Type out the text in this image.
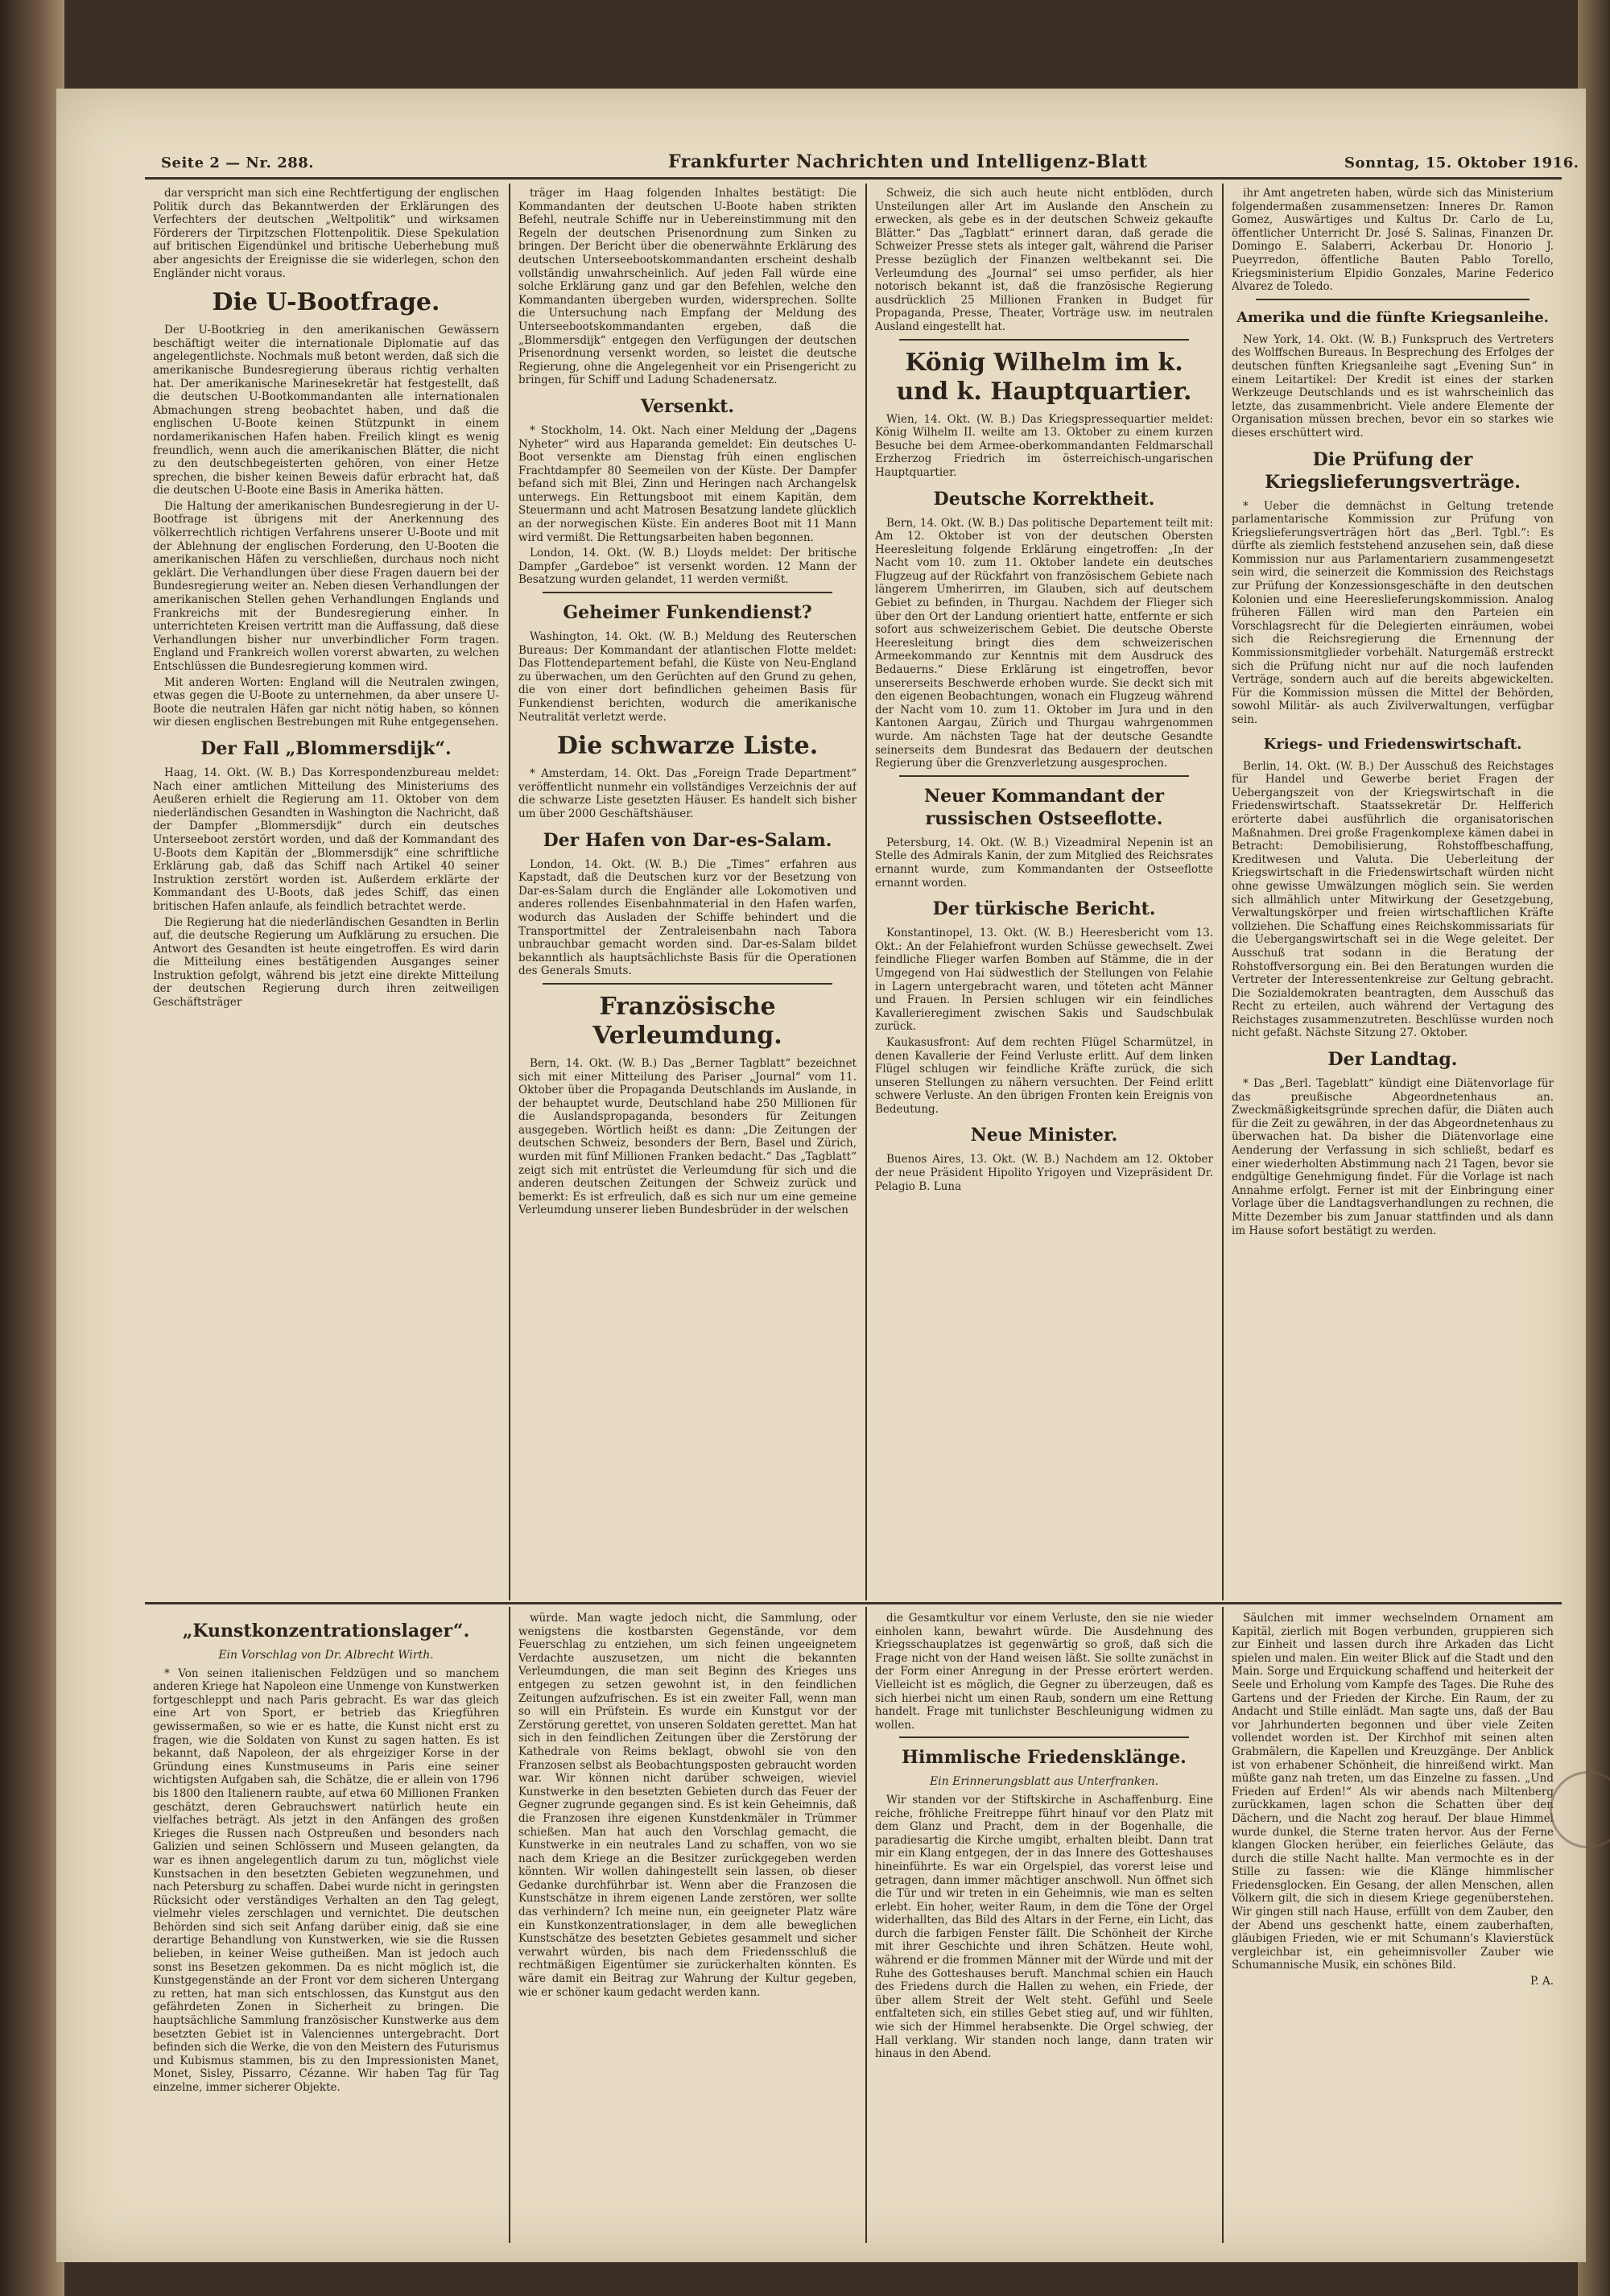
Seite 2 — Nr. 288.	Frankfurter Nachrichten und Intelligenz-Blatt	Sonntag, 15. Oktober 1916.

dar verspricht man sich eine Rechtfertigung der englischen Politik durch das Bekanntwerden der Erklärungen des Verfechters der deutschen „Weltpolitik“ und wirksamen Förderers der Tirpitzschen Flottenpolitik. Diese Spekulation auf britischen Eigendünkel und britische Ueberhebung muß aber angesichts der Ereignisse die sie widerlegen, schon den Engländer nicht voraus.

Die U-Bootfrage.

Der U-Bootkrieg in den amerikanischen Gewässern beschäftigt weiter die internationale Diplomatie auf das angelegentlichste. Nochmals muß betont werden, daß sich die amerikanische Bundesregierung überaus richtig verhalten hat. Der amerikanische Marinesekretär hat festgestellt, daß die deutschen U-Bootkommandanten alle internationalen Abmachungen streng beobachtet haben, und daß die englischen U-Boote keinen Stützpunkt in einem nordamerikanischen Hafen haben. Freilich klingt es wenig freundlich, wenn auch die amerikanischen Blätter, die nicht zu den deutschbegeisterten gehören, von einer Hetze sprechen, die bisher keinen Beweis dafür erbracht hat, daß die deutschen U-Boote eine Basis in Amerika hätten.

Die Haltung der amerikanischen Bundesregierung in der U-Bootfrage ist übrigens mit der Anerkennung des völkerrechtlich richtigen Verfahrens unserer U-Boote und mit der Ablehnung der englischen Forderung, den U-Booten die amerikanischen Häfen zu verschließen, durchaus noch nicht geklärt. Die Verhandlungen über diese Fragen dauern bei der Bundesregierung weiter an. Neben diesen Verhandlungen der amerikanischen Stellen gehen Verhandlungen Englands und Frankreichs mit der Bundesregierung einher. In unterrichteten Kreisen vertritt man die Auffassung, daß diese Verhandlungen bisher nur unverbindlicher Form tragen. England und Frankreich wollen vorerst abwarten, zu welchen Entschlüssen die Bundesregierung kommen wird.

Mit anderen Worten: England will die Neutralen zwingen, etwas gegen die U-Boote zu unternehmen, da aber unsere U-Boote die neutralen Häfen gar nicht nötig haben, so können wir diesen englischen Bestrebungen mit Ruhe entgegensehen.

Der Fall „Blommersdijk“.

Haag, 14. Okt. (W. B.) Das Korrespondenzbureau meldet: Nach einer amtlichen Mitteilung des Ministeriums des Aeußeren erhielt die Regierung am 11. Oktober von dem niederländischen Gesandten in Washington die Nachricht, daß der Dampfer „Blommersdijk“ durch ein deutsches Unterseeboot zerstört worden, und daß der Kommandant des U-Boots dem Kapitän der „Blommersdijk“ eine schriftliche Erklärung gab, daß das Schiff nach Artikel 40 seiner Instruktion zerstört worden ist. Außerdem erklärte der Kommandant des U-Boots, daß jedes Schiff, das einen britischen Hafen anlaufe, als feindlich betrachtet werde.

Die Regierung hat die niederländischen Gesandten in Berlin auf, die deutsche Regierung um Aufklärung zu ersuchen. Die Antwort des Gesandten ist heute eingetroffen. Es wird darin die Mitteilung eines bestätigenden Ausganges seiner Instruktion gefolgt, während bis jetzt eine direkte Mitteilung der deutschen Regierung durch ihren zeitweiligen Geschäftsträger

träger im Haag folgenden Inhaltes bestätigt: Die Kommandanten der deutschen U-Boote haben strikten Befehl, neutrale Schiffe nur in Uebereinstimmung mit den Regeln der deutschen Prisenordnung zum Sinken zu bringen. Der Bericht über die obenerwähnte Erklärung des deutschen Unterseebootskommandanten erscheint deshalb vollständig unwahrscheinlich. Auf jeden Fall würde eine solche Erklärung ganz und gar den Befehlen, welche den Kommandanten übergeben wurden, widersprechen. Sollte die Untersuchung nach Empfang der Meldung des Unterseebootskommandanten ergeben, daß die „Blommersdijk“ entgegen den Verfügungen der deutschen Prisenordnung versenkt worden, so leistet die deutsche Regierung, ohne die Angelegenheit vor ein Prisengericht zu bringen, für Schiff und Ladung Schadenersatz.

Versenkt.

* Stockholm, 14. Okt. Nach einer Meldung der „Dagens Nyheter“ wird aus Haparanda gemeldet: Ein deutsches U-Boot versenkte am Dienstag früh einen englischen Frachtdampfer 80 Seemeilen von der Küste. Der Dampfer befand sich mit Blei, Zinn und Heringen nach Archangelsk unterwegs. Ein Rettungsboot mit einem Kapitän, dem Steuermann und acht Matrosen Besatzung landete glücklich an der norwegischen Küste. Ein anderes Boot mit 11 Mann wird vermißt. Die Rettungsarbeiten haben begonnen.

London, 14. Okt. (W. B.) Lloyds meldet: Der britische Dampfer „Gardeboe“ ist versenkt worden. 12 Mann der Besatzung wurden gelandet, 11 werden vermißt.

Geheimer Funkendienst?

Washington, 14. Okt. (W. B.) Meldung des Reuterschen Bureaus: Der Kommandant der atlantischen Flotte meldet: Das Flottendepartement befahl, die Küste von Neu-England zu überwachen, um den Gerüchten auf den Grund zu gehen, die von einer dort befindlichen geheimen Basis für Funkendienst berichten, wodurch die amerikanische Neutralität verletzt werde.

Die schwarze Liste.

* Amsterdam, 14. Okt. Das „Foreign Trade Department“ veröffentlicht nunmehr ein vollständiges Verzeichnis der auf die schwarze Liste gesetzten Häuser. Es handelt sich bisher um über 2000 Geschäftshäuser.

Der Hafen von Dar-es-Salam.

London, 14. Okt. (W. B.) Die „Times“ erfahren aus Kapstadt, daß die Deutschen kurz vor der Besetzung von Dar-es-Salam durch die Engländer alle Lokomotiven und anderes rollendes Eisenbahnmaterial in den Hafen warfen, wodurch das Ausladen der Schiffe behindert und die Transportmittel der Zentraleisenbahn nach Tabora unbrauchbar gemacht worden sind. Dar-es-Salam bildet bekanntlich als hauptsächlichste Basis für die Operationen des Generals Smuts.

Französische Verleumdung.

Bern, 14. Okt. (W. B.) Das „Berner Tagblatt“ bezeichnet sich mit einer Mitteilung des Pariser „Journal“ vom 11. Oktober über die Propaganda Deutschlands im Auslande, in der behauptet wurde, Deutschland habe 250 Millionen für die Auslandspropaganda, besonders für Zeitungen ausgegeben. Wörtlich heißt es dann: „Die Zeitungen der deutschen Schweiz, besonders der Bern, Basel und Zürich, wurden mit fünf Millionen Franken bedacht.“ Das „Tagblatt“ zeigt sich mit entrüstet die Verleumdung für sich und die anderen deutschen Zeitungen der Schweiz zurück und bemerkt: Es ist erfreulich, daß es sich nur um eine gemeine Verleumdung unserer lieben Bundesbrüder in der welschen

Schweiz, die sich auch heute nicht entblöden, durch Unsteilungen aller Art im Auslande den Anschein zu erwecken, als gebe es in der deutschen Schweiz gekaufte Blätter.“ Das „Tagblatt“ erinnert daran, daß gerade die Schweizer Presse stets als integer galt, während die Pariser Presse bezüglich der Finanzen weltbekannt sei. Die Verleumdung des „Journal“ sei umso perfider, als hier notorisch bekannt ist, daß die französische Regierung ausdrücklich 25 Millionen Franken in Budget für Propaganda, Presse, Theater, Vorträge usw. im neutralen Ausland eingestellt hat.

König Wilhelm im k. und k. Hauptquartier.

Wien, 14. Okt. (W. B.) Das Kriegspressequartier meldet: König Wilhelm II. weilte am 13. Oktober zu einem kurzen Besuche bei dem Armee-oberkommandanten Feldmarschall Erzherzog Friedrich im österreichisch-ungarischen Hauptquartier.

Deutsche Korrektheit.

Bern, 14. Okt. (W. B.) Das politische Departement teilt mit: Am 12. Oktober ist von der deutschen Obersten Heeresleitung folgende Erklärung eingetroffen: „In der Nacht vom 10. zum 11. Oktober landete ein deutsches Flugzeug auf der Rückfahrt von französischem Gebiete nach längerem Umherirren, im Glauben, sich auf deutschem Gebiet zu befinden, in Thurgau. Nachdem der Flieger sich über den Ort der Landung orientiert hatte, entfernte er sich sofort aus schweizerischem Gebiet. Die deutsche Oberste Heeresleitung bringt dies dem schweizerischen Armeekommando zur Kenntnis mit dem Ausdruck des Bedauerns.“ Diese Erklärung ist eingetroffen, bevor unsererseits Beschwerde erhoben wurde. Sie deckt sich mit den eigenen Beobachtungen, wonach ein Flugzeug während der Nacht vom 10. zum 11. Oktober im Jura und in den Kantonen Aargau, Zürich und Thurgau wahrgenommen wurde. Am nächsten Tage hat der deutsche Gesandte seinerseits dem Bundesrat das Bedauern der deutschen Regierung über die Grenzverletzung ausgesprochen.

Neuer Kommandant der russischen Ostseeflotte.

Petersburg, 14. Okt. (W. B.) Vizeadmiral Nepenin ist an Stelle des Admirals Kanin, der zum Mitglied des Reichsrates ernannt wurde, zum Kommandanten der Ostseeflotte ernannt worden.

Der türkische Bericht.

Konstantinopel, 13. Okt. (W. B.) Heeresbericht vom 13. Okt.: An der Felahiefront wurden Schüsse gewechselt. Zwei feindliche Flieger warfen Bomben auf Stämme, die in der Umgegend von Hai südwestlich der Stellungen von Felahie in Lagern untergebracht waren, und töteten acht Männer und Frauen. In Persien schlugen wir ein feindliches Kavallerieregiment zwischen Sakis und Saudschbulak zurück.

Kaukasusfront: Auf dem rechten Flügel Scharmützel, in denen Kavallerie der Feind Verluste erlitt. Auf dem linken Flügel schlugen wir feindliche Kräfte zurück, die sich unseren Stellungen zu nähern versuchten. Der Feind erlitt schwere Verluste. An den übrigen Fronten kein Ereignis von Bedeutung.

Neue Minister.

Buenos Aires, 13. Okt. (W. B.) Nachdem am 12. Oktober der neue Präsident Hipolito Yrigoyen und Vizepräsident Dr. Pelagio B. Luna

ihr Amt angetreten haben, würde sich das Ministerium folgendermaßen zusammensetzen: Inneres Dr. Ramon Gomez, Auswärtiges und Kultus Dr. Carlo de Lu, öffentlicher Unterricht Dr. José S. Salinas, Finanzen Dr. Domingo E. Salaberri, Ackerbau Dr. Honorio J. Pueyrredon, öffentliche Bauten Pablo Torello, Kriegsministerium Elpidio Gonzales, Marine Federico Alvarez de Toledo.

Amerika und die fünfte Kriegsanleihe.

New York, 14. Okt. (W. B.) Funkspruch des Vertreters des Wolffschen Bureaus. In Besprechung des Erfolges der deutschen fünften Kriegsanleihe sagt „Evening Sun“ in einem Leitartikel: Der Kredit ist eines der starken Werkzeuge Deutschlands und es ist wahrscheinlich das letzte, das zusammenbricht. Viele andere Elemente der Organisation müssen brechen, bevor ein so starkes wie dieses erschüttert wird.

Die Prüfung der Kriegslieferungsverträge.

* Ueber die demnächst in Geltung tretende parlamentarische Kommission zur Prüfung von Kriegslieferungsverträgen hört das „Berl. Tgbl.“: Es dürfte als ziemlich feststehend anzusehen sein, daß diese Kommission nur aus Parlamentariern zusammengesetzt sein wird, die seinerzeit die Kommission des Reichstags zur Prüfung der Konzessionsgeschäfte in den deutschen Kolonien und eine Heereslieferungskommission. Analog früheren Fällen wird man den Parteien ein Vorschlagsrecht für die Delegierten einräumen, wobei sich die Reichsregierung die Ernennung der Kommissionsmitglieder vorbehält. Naturgemäß erstreckt sich die Prüfung nicht nur auf die noch laufenden Verträge, sondern auch auf die bereits abgewickelten. Für die Kommission müssen die Mittel der Behörden, sowohl Militär- als auch Zivilverwaltungen, verfügbar sein.

Kriegs- und Friedenswirtschaft.

Berlin, 14. Okt. (W. B.) Der Ausschuß des Reichstages für Handel und Gewerbe beriet Fragen der Uebergangszeit von der Kriegswirtschaft in die Friedenswirtschaft. Staatssekretär Dr. Helfferich erörterte dabei ausführlich die organisatorischen Maßnahmen. Drei große Fragenkomplexe kämen dabei in Betracht: Demobilisierung, Rohstoffbeschaffung, Kreditwesen und Valuta. Die Ueberleitung der Kriegswirtschaft in die Friedenswirtschaft würden nicht ohne gewisse Umwälzungen möglich sein. Sie werden sich allmählich unter Mitwirkung der Gesetzgebung, Verwaltungskörper und freien wirtschaftlichen Kräfte vollziehen. Die Schaffung eines Reichskommissariats für die Uebergangswirtschaft sei in die Wege geleitet. Der Ausschuß trat sodann in die Beratung der Rohstoffversorgung ein. Bei den Beratungen wurden die Vertreter der Interessentenkreise zur Geltung gebracht. Die Sozialdemokraten beantragten, dem Ausschuß das Recht zu erteilen, auch während der Vertagung des Reichstages zusammenzutreten. Beschlüsse wurden noch nicht gefaßt. Nächste Sitzung 27. Oktober.

Der Landtag.

* Das „Berl. Tageblatt“ kündigt eine Diätenvorlage für das preußische Abgeordnetenhaus an. Zweckmäßigkeitsgründe sprechen dafür, die Diäten auch für die Zeit zu gewähren, in der das Abgeordnetenhaus zu überwachen hat. Da bisher die Diätenvorlage eine Aenderung der Verfassung in sich schließt, bedarf es einer wiederholten Abstimmung nach 21 Tagen, bevor sie endgültige Genehmigung findet. Für die Vorlage ist nach Annahme erfolgt. Ferner ist mit der Einbringung einer Vorlage über die Landtagsverhandlungen zu rechnen, die Mitte Dezember bis zum Januar stattfinden und als dann im Hause sofort bestätigt zu werden.

„Kunstkonzentrationslager“.
Ein Vorschlag von Dr. Albrecht Wirth.

* Von seinen italienischen Feldzügen und so manchem anderen Kriege hat Napoleon eine Unmenge von Kunstwerken fortgeschleppt und nach Paris gebracht. Es war das gleich eine Art von Sport, er betrieb das Kriegführen gewissermaßen, so wie er es hatte, die Kunst nicht erst zu fragen, wie die Soldaten von Kunst zu sagen hatten. Es ist bekannt, daß Napoleon, der als ehrgeiziger Korse in der Gründung eines Kunstmuseums in Paris eine seiner wichtigsten Aufgaben sah, die Schätze, die er allein von 1796 bis 1800 den Italienern raubte, auf etwa 60 Millionen Franken geschätzt, deren Gebrauchswert natürlich heute ein vielfaches beträgt. Als jetzt in den Anfängen des großen Krieges die Russen nach Ostpreußen und besonders nach Galizien und seinen Schlössern und Museen gelangten, da war es ihnen angelegentlich darum zu tun, möglichst viele Kunstsachen in den besetzten Gebieten wegzunehmen, und nach Petersburg zu schaffen. Dabei wurde nicht in geringsten Rücksicht oder verständiges Verhalten an den Tag gelegt, vielmehr vieles zerschlagen und vernichtet. Die deutschen Behörden sind sich seit Anfang darüber einig, daß sie eine derartige Behandlung von Kunstwerken, wie sie die Russen belieben, in keiner Weise gutheißen. Man ist jedoch auch sonst ins Besetzen gekommen. Da es nicht möglich ist, die Kunstgegenstände an der Front vor dem sicheren Untergang zu retten, hat man sich entschlossen, das Kunstgut aus den gefährdeten Zonen in Sicherheit zu bringen. Die hauptsächliche Sammlung französischer Kunstwerke aus dem besetzten Gebiet ist in Valenciennes untergebracht. Dort befinden sich die Werke, die von den Meistern des Futurismus und Kubismus stammen, bis zu den Impressionisten Manet, Monet, Sisley, Pissarro, Cézanne. Wir haben Tag für Tag einzelne, immer sicherer Objekte.

würde. Man wagte jedoch nicht, die Sammlung, oder wenigstens die kostbarsten Gegenstände, vor dem Feuerschlag zu entziehen, um sich feinen ungeeignetem Verdachte auszusetzen, um nicht die bekannten Verleumdungen, die man seit Beginn des Krieges uns entgegen zu setzen gewohnt ist, in den feindlichen Zeitungen aufzufrischen. Es ist ein zweiter Fall, wenn man so will ein Prüfstein. Es wurde ein Kunstgut vor der Zerstörung gerettet, von unseren Soldaten gerettet. Man hat sich in den feindlichen Zeitungen über die Zerstörung der Kathedrale von Reims beklagt, obwohl sie von den Franzosen selbst als Beobachtungsposten gebraucht worden war. Wir können nicht darüber schweigen, wieviel Kunstwerke in den besetzten Gebieten durch das Feuer der Gegner zugrunde gegangen sind. Es ist kein Geheimnis, daß die Franzosen ihre eigenen Kunstdenkmäler in Trümmer schießen. Man hat auch den Vorschlag gemacht, die Kunstwerke in ein neutrales Land zu schaffen, von wo sie nach dem Kriege an die Besitzer zurückgegeben werden könnten. Wir wollen dahingestellt sein lassen, ob dieser Gedanke durchführbar ist. Wenn aber die Franzosen die Kunstschätze in ihrem eigenen Lande zerstören, wer sollte das verhindern? Ich meine nun, ein geeigneter Platz wäre ein Kunstkonzentrationslager, in dem alle beweglichen Kunstschätze des besetzten Gebietes gesammelt und sicher verwahrt würden, bis nach dem Friedensschluß die rechtmäßigen Eigentümer sie zurückerhalten könnten. Es wäre damit ein Beitrag zur Wahrung der Kultur gegeben, wie er schöner kaum gedacht werden kann.

die Gesamtkultur vor einem Verluste, den sie nie wieder einholen kann, bewahrt würde. Die Ausdehnung des Kriegsschauplatzes ist gegenwärtig so groß, daß sich die Frage nicht von der Hand weisen läßt. Sie sollte zunächst in der Form einer Anregung in der Presse erörtert werden. Vielleicht ist es möglich, die Gegner zu überzeugen, daß es sich hierbei nicht um einen Raub, sondern um eine Rettung handelt. Frage mit tunlichster Beschleunigung widmen zu wollen.

Himmlische Friedensklänge.
Ein Erinnerungsblatt aus Unterfranken.

Wir standen vor der Stiftskirche in Aschaffenburg. Eine reiche, fröhliche Freitreppe führt hinauf vor den Platz mit dem Glanz und Pracht, dem in der Bogenhalle, die paradiesartig die Kirche umgibt, erhalten bleibt. Dann trat mir ein Klang entgegen, der in das Innere des Gotteshauses hineinführte. Es war ein Orgelspiel, das vorerst leise und getragen, dann immer mächtiger anschwoll. Nun öffnet sich die Tür und wir treten in ein Geheimnis, wie man es selten erlebt. Ein hoher, weiter Raum, in dem die Töne der Orgel widerhallten, das Bild des Altars in der Ferne, ein Licht, das durch die farbigen Fenster fällt. Die Schönheit der Kirche mit ihrer Geschichte und ihren Schätzen. Heute wohl, während er die frommen Männer mit der Würde und mit der Ruhe des Gotteshauses beruft. Manchmal schien ein Hauch des Friedens durch die Hallen zu wehen, ein Friede, der über allem Streit der Welt steht. Gefühl und Seele entfalteten sich, ein stilles Gebet stieg auf, und wir fühlten, wie sich der Himmel herabsenkte. Die Orgel schwieg, der Hall verklang. Wir standen noch lange, dann traten wir hinaus in den Abend.

Säulchen mit immer wechselndem Ornament am Kapitäl, zierlich mit Bogen verbunden, gruppieren sich zur Einheit und lassen durch ihre Arkaden das Licht spielen und malen. Ein weiter Blick auf die Stadt und den Main. Sorge und Erquickung schaffend und heiterkeit der Seele und Erholung vom Kampfe des Tages. Die Ruhe des Gartens und der Frieden der Kirche. Ein Raum, der zu Andacht und Stille einlädt. Man sagte uns, daß der Bau vor Jahrhunderten begonnen und über viele Zeiten vollendet worden ist. Der Kirchhof mit seinen alten Grabmälern, die Kapellen und Kreuzgänge. Der Anblick ist von erhabener Schönheit, die hinreißend wirkt. Man müßte ganz nah treten, um das Einzelne zu fassen. „Und Frieden auf Erden!“ Als wir abends nach Miltenberg zurückkamen, lagen schon die Schatten über den Dächern, und die Nacht zog herauf. Der blaue Himmel wurde dunkel, die Sterne traten hervor. Aus der Ferne klangen Glocken herüber, ein feierliches Geläute, das durch die stille Nacht hallte. Man vermochte es in der Stille zu fassen: wie die Klänge himmlischer Friedensglocken. Ein Gesang, der allen Menschen, allen Völkern gilt, die sich in diesem Kriege gegenüberstehen. Wir gingen still nach Hause, erfüllt von dem Zauber, den der Abend uns geschenkt hatte, einem zauberhaften, gläubigen Frieden, wie er mit Schumann's Klavierstück vergleichbar ist, ein geheimnisvoller Zauber wie Schumannische Musik, ein schönes Bild.

P. A.
